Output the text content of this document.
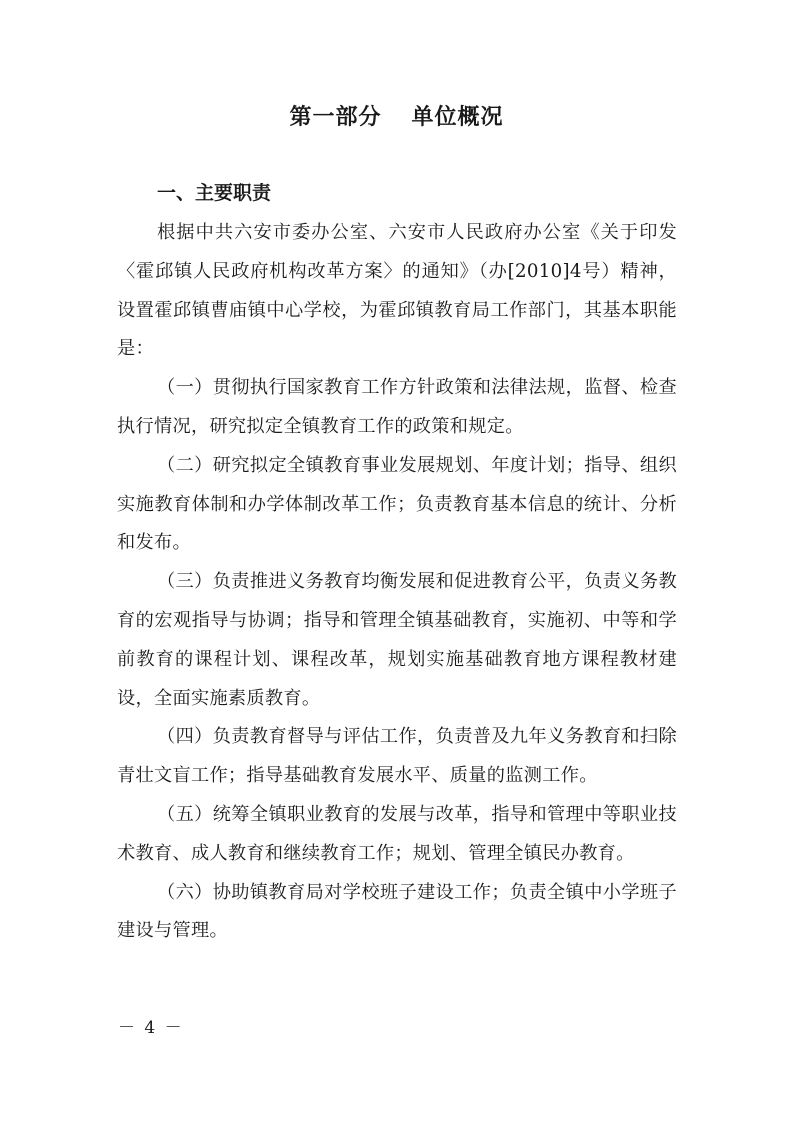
第一部分 单位概况
一、主要职责

根据中共六安市委办公室、六安市人民政府办公室《关于印发〈霍邱镇人民政府机构改革方案〉的通知》（办[2010]4号）精神，设置霍邱镇曹庙镇中心学校，为霍邱镇教育局工作部门，其基本职能是：

（一）贯彻执行国家教育工作方针政策和法律法规，监督、检查执行情况，研究拟定全镇教育工作的政策和规定。

（二）研究拟定全镇教育事业发展规划、年度计划；指导、组织实施教育体制和办学体制改革工作；负责教育基本信息的统计、分析和发布。

（三）负责推进义务教育均衡发展和促进教育公平，负责义务教育的宏观指导与协调；指导和管理全镇基础教育，实施初、中等和学前教育的课程计划、课程改革，规划实施基础教育地方课程教材建设，全面实施素质教育。

（四）负责教育督导与评估工作，负责普及九年义务教育和扫除青壮文盲工作；指导基础教育发展水平、质量的监测工作。

（五）统筹全镇职业教育的发展与改革，指导和管理中等职业技术教育、成人教育和继续教育工作；规划、管理全镇民办教育。

（六）协助镇教育局对学校班子建设工作；负责全镇中小学班子建设与管理。

－ 4 －
